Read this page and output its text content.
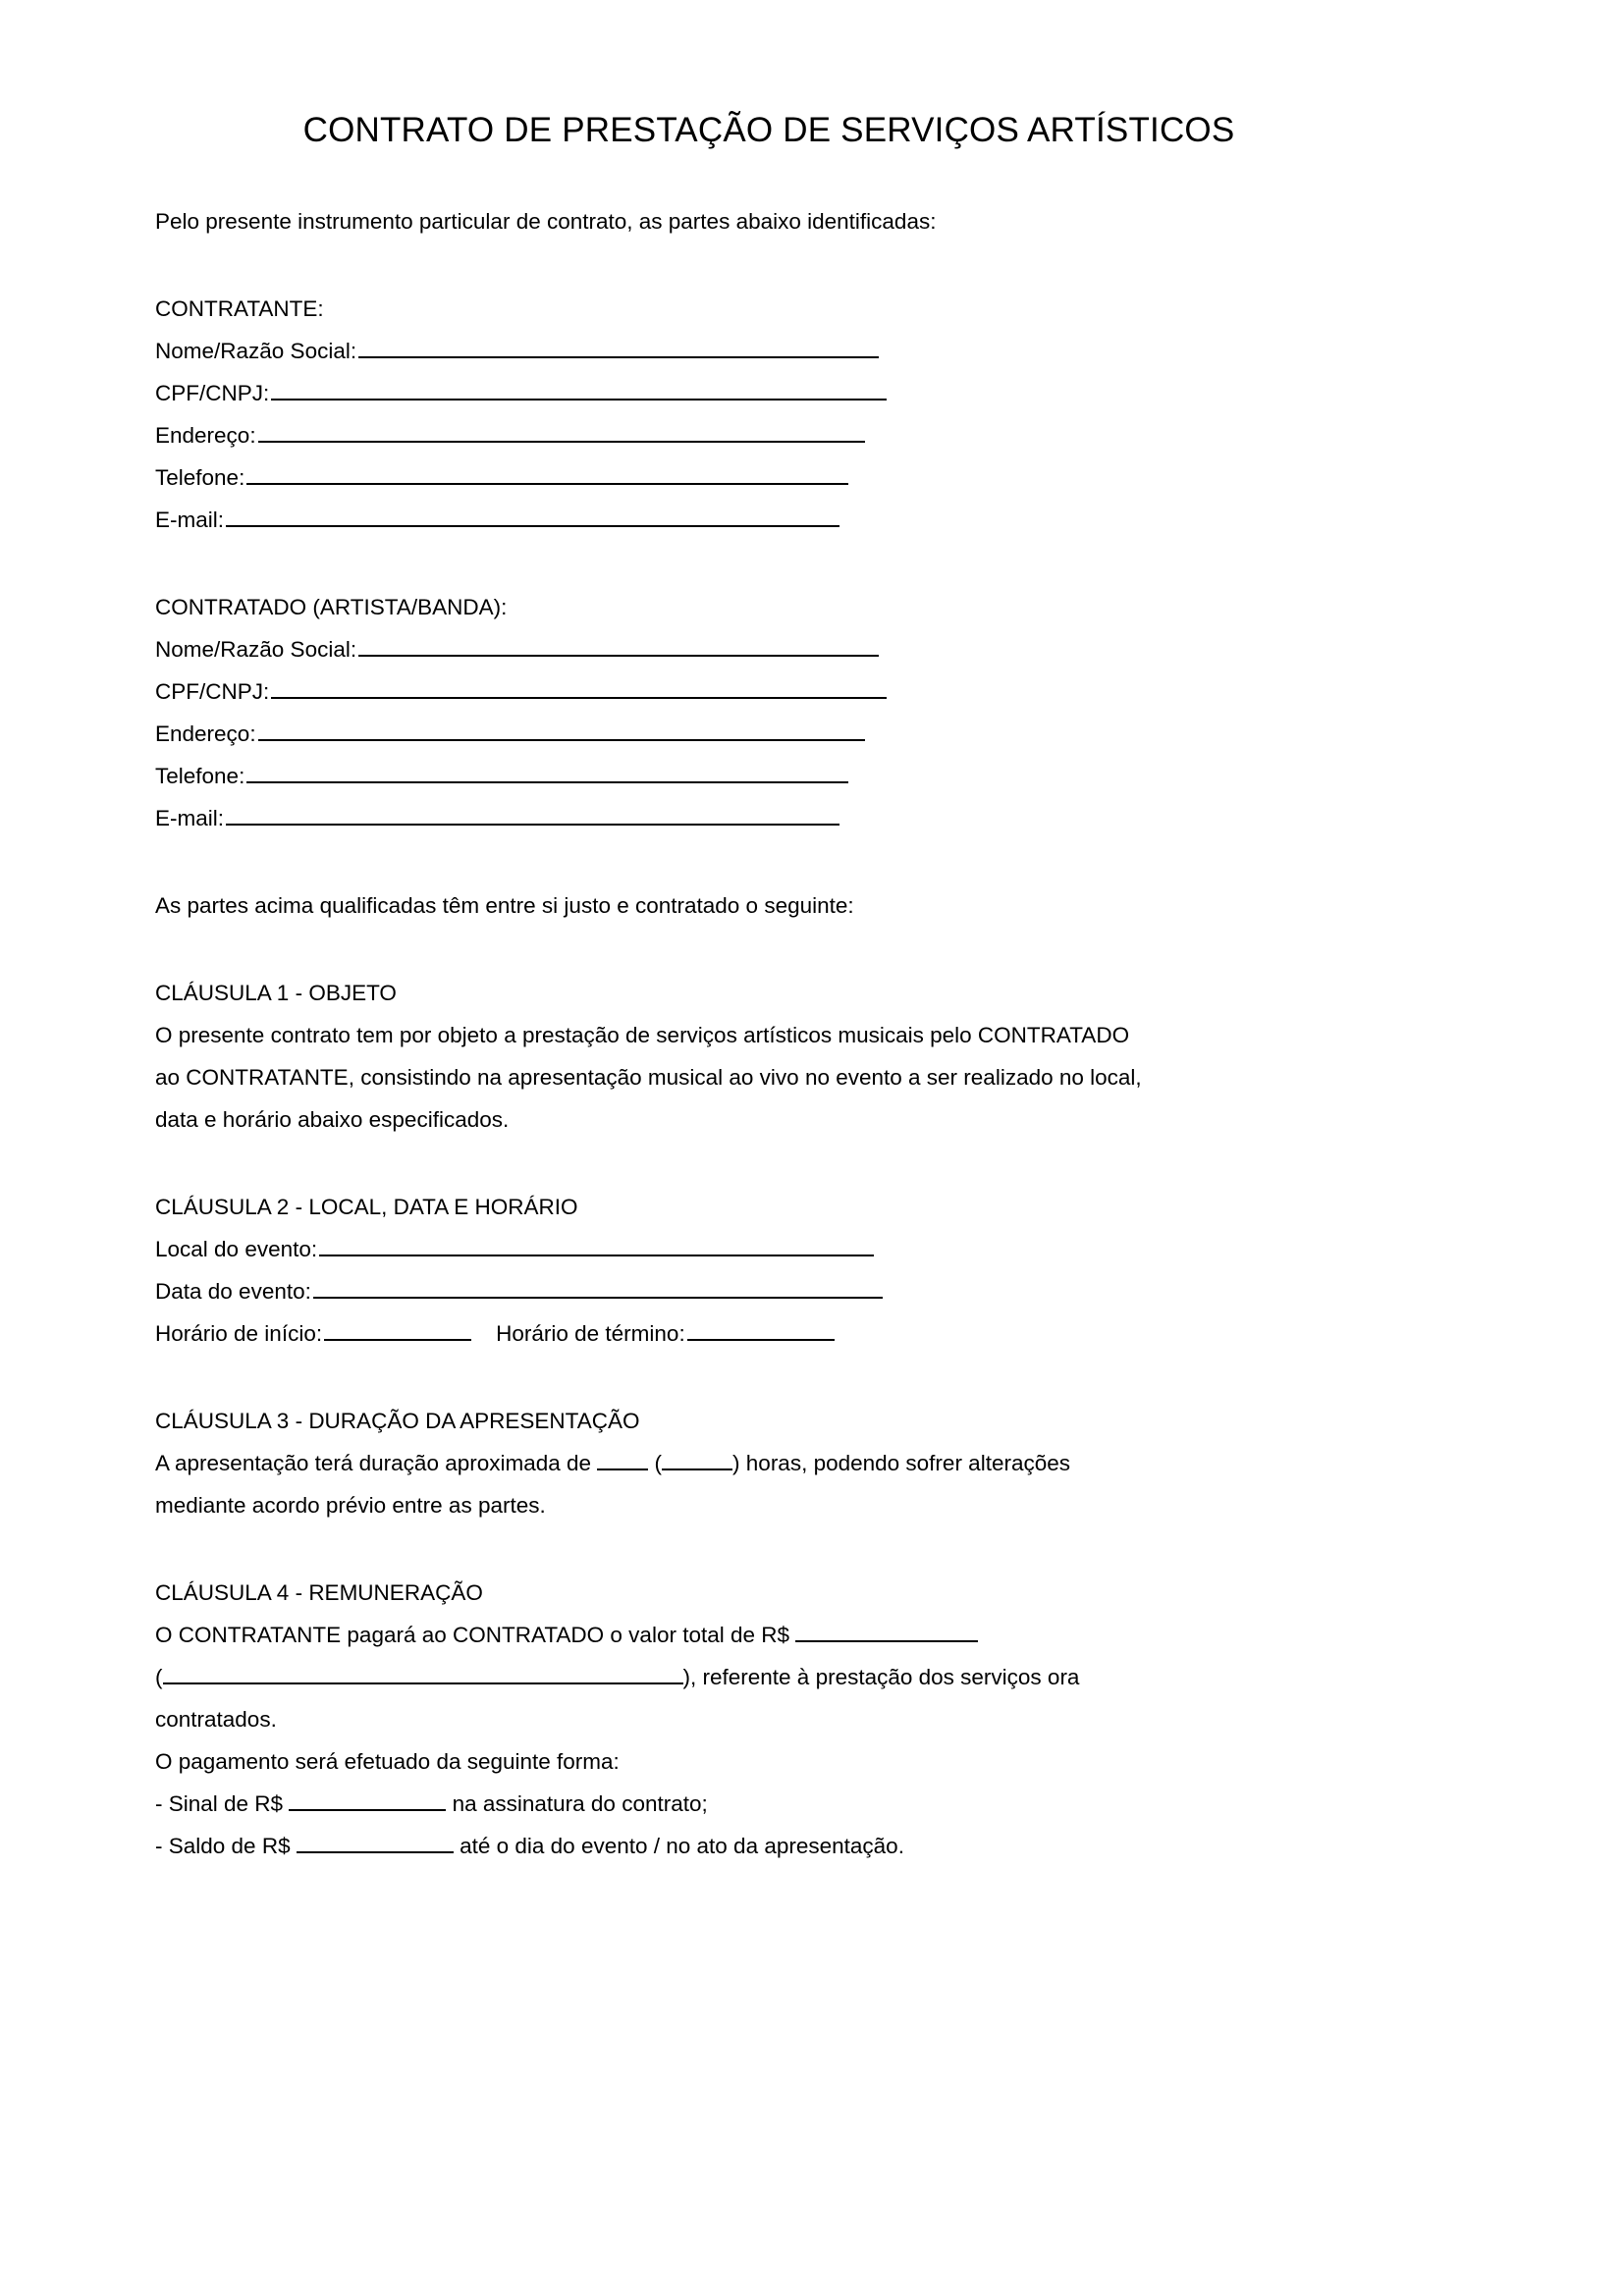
CONTRATO DE PRESTAÇÃO DE SERVIÇOS ARTÍSTICOS

Pelo presente instrumento particular de contrato, as partes abaixo identificadas:

CONTRATANTE:

Nome/Razão Social:

CPF/CNPJ:

Endereço:

Telefone:

E-mail:

CONTRATADO (ARTISTA/BANDA):

Nome/Razão Social:

CPF/CNPJ:

Endereço:

Telefone:

E-mail:

As partes acima qualificadas têm entre si justo e contratado o seguinte:

CLÁUSULA 1 - OBJETO

O presente contrato tem por objeto a prestação de serviços artísticos musicais pelo CONTRATADO

ao CONTRATANTE, consistindo na apresentação musical ao vivo no evento a ser realizado no local,

data e horário abaixo especificados.

CLÁUSULA 2 - LOCAL, DATA E HORÁRIO

Local do evento:

Data do evento:

Horário de início:	Horário de término:

CLÁUSULA 3 - DURAÇÃO DA APRESENTAÇÃO

A apresentação terá duração aproximada de  (	) horas, podendo sofrer alterações

mediante acordo prévio entre as partes.

CLÁUSULA 4 - REMUNERAÇÃO

O CONTRATANTE pagará ao CONTRATADO o valor total de R$

(	), referente à prestação dos serviços ora

contratados.

O pagamento será efetuado da seguinte forma:

- Sinal de R$	na assinatura do contrato;

- Saldo de R$	até o dia do evento / no ato da apresentação.
